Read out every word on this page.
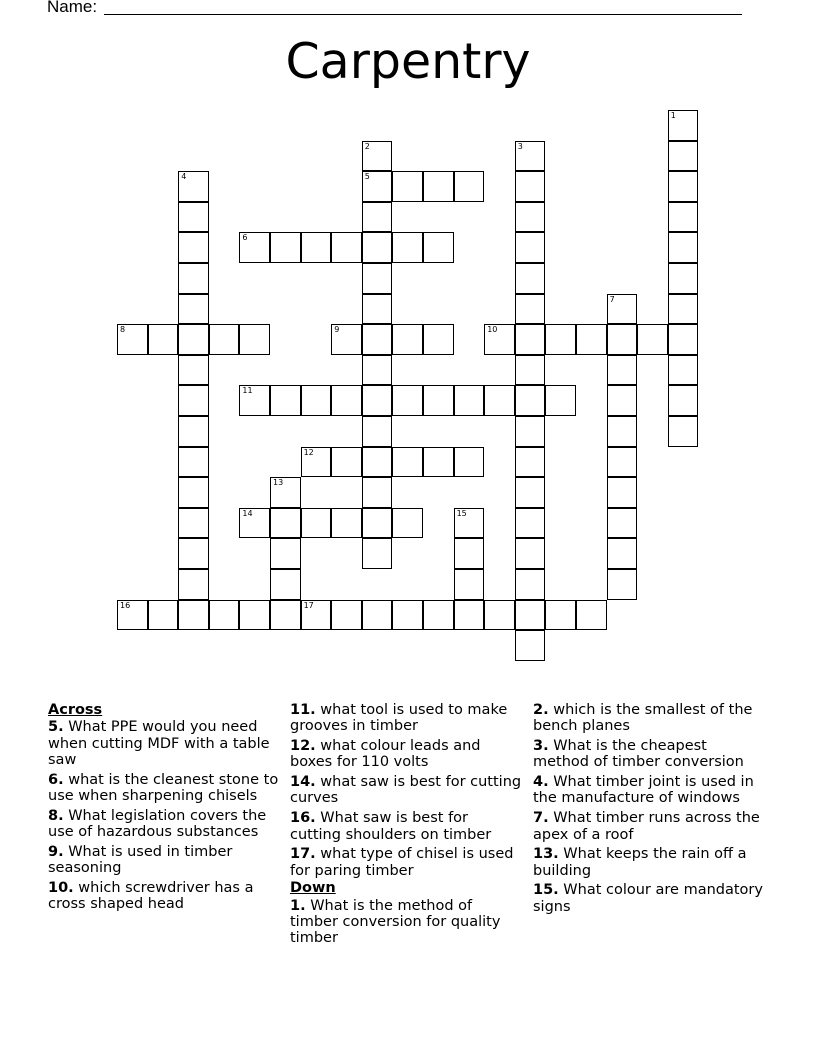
Name:
Carpentry
5
6
8	9	10
11
12
14
16	17
1
2	3
4
7
13
15
Across
5. What PPE would you need when cutting MDF with a table saw
6. what is the cleanest stone to use when sharpening chisels
8. What legislation covers the use of hazardous substances
9. What is used in timber seasoning
10. which screwdriver has a cross shaped head
11. what tool is used to make grooves in timber
12. what colour leads and boxes for 110 volts
14. what saw is best for cutting curves
16. What saw is best for cutting shoulders on timber
17. what type of chisel is used for paring timber
Down
1. What is the method of timber conversion for quality timber
2. which is the smallest of the bench planes
3. What is the cheapest method of timber conversion
4. What timber joint is used in the manufacture of windows
7. What timber runs across the apex of a roof
13. What keeps the rain off a building
15. What colour are mandatory signs
